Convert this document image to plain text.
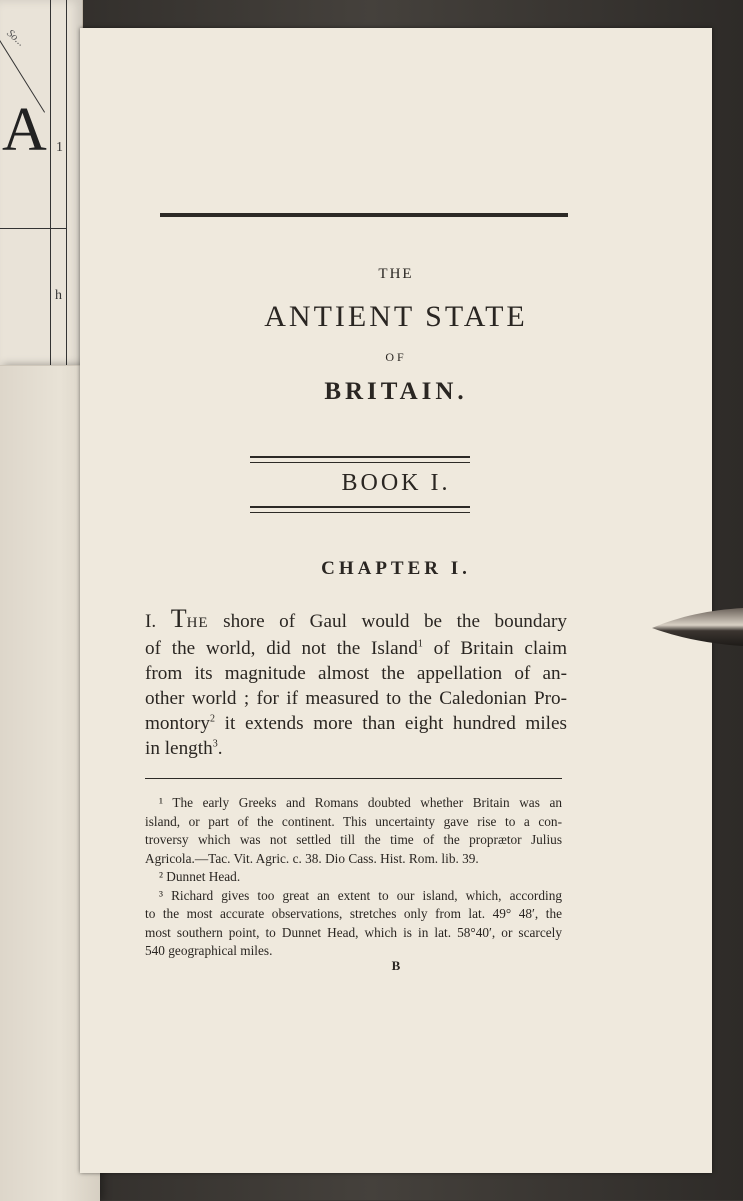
So...
A 1
h
THE
ANTIENT STATE
OF
BRITAIN.
BOOK I.
CHAPTER I.
I. THE shore of Gaul would be the boundary
of the world, did not the Island$^1$ of Britain claim
from its magnitude almost the appellation of an-
other world ; for if measured to the Caledonian Pro-
montory$^2$ it extends more than eight hundred miles
in length$^3$.
¹ The early Greeks and Romans doubted whether Britain was an
island, or part of the continent. This uncertainty gave rise to a con-
troversy which was not settled till the time of the proprætor Julius
Agricola.—Tac. Vit. Agric. c. 38. Dio Cass. Hist. Rom. lib. 39.
² Dunnet Head.
³ Richard gives too great an extent to our island, which, according
to the most accurate observations, stretches only from lat. 49° 48′, the
most southern point, to Dunnet Head, which is in lat. 58°40′, or scarcely
540 geographical miles.
B
